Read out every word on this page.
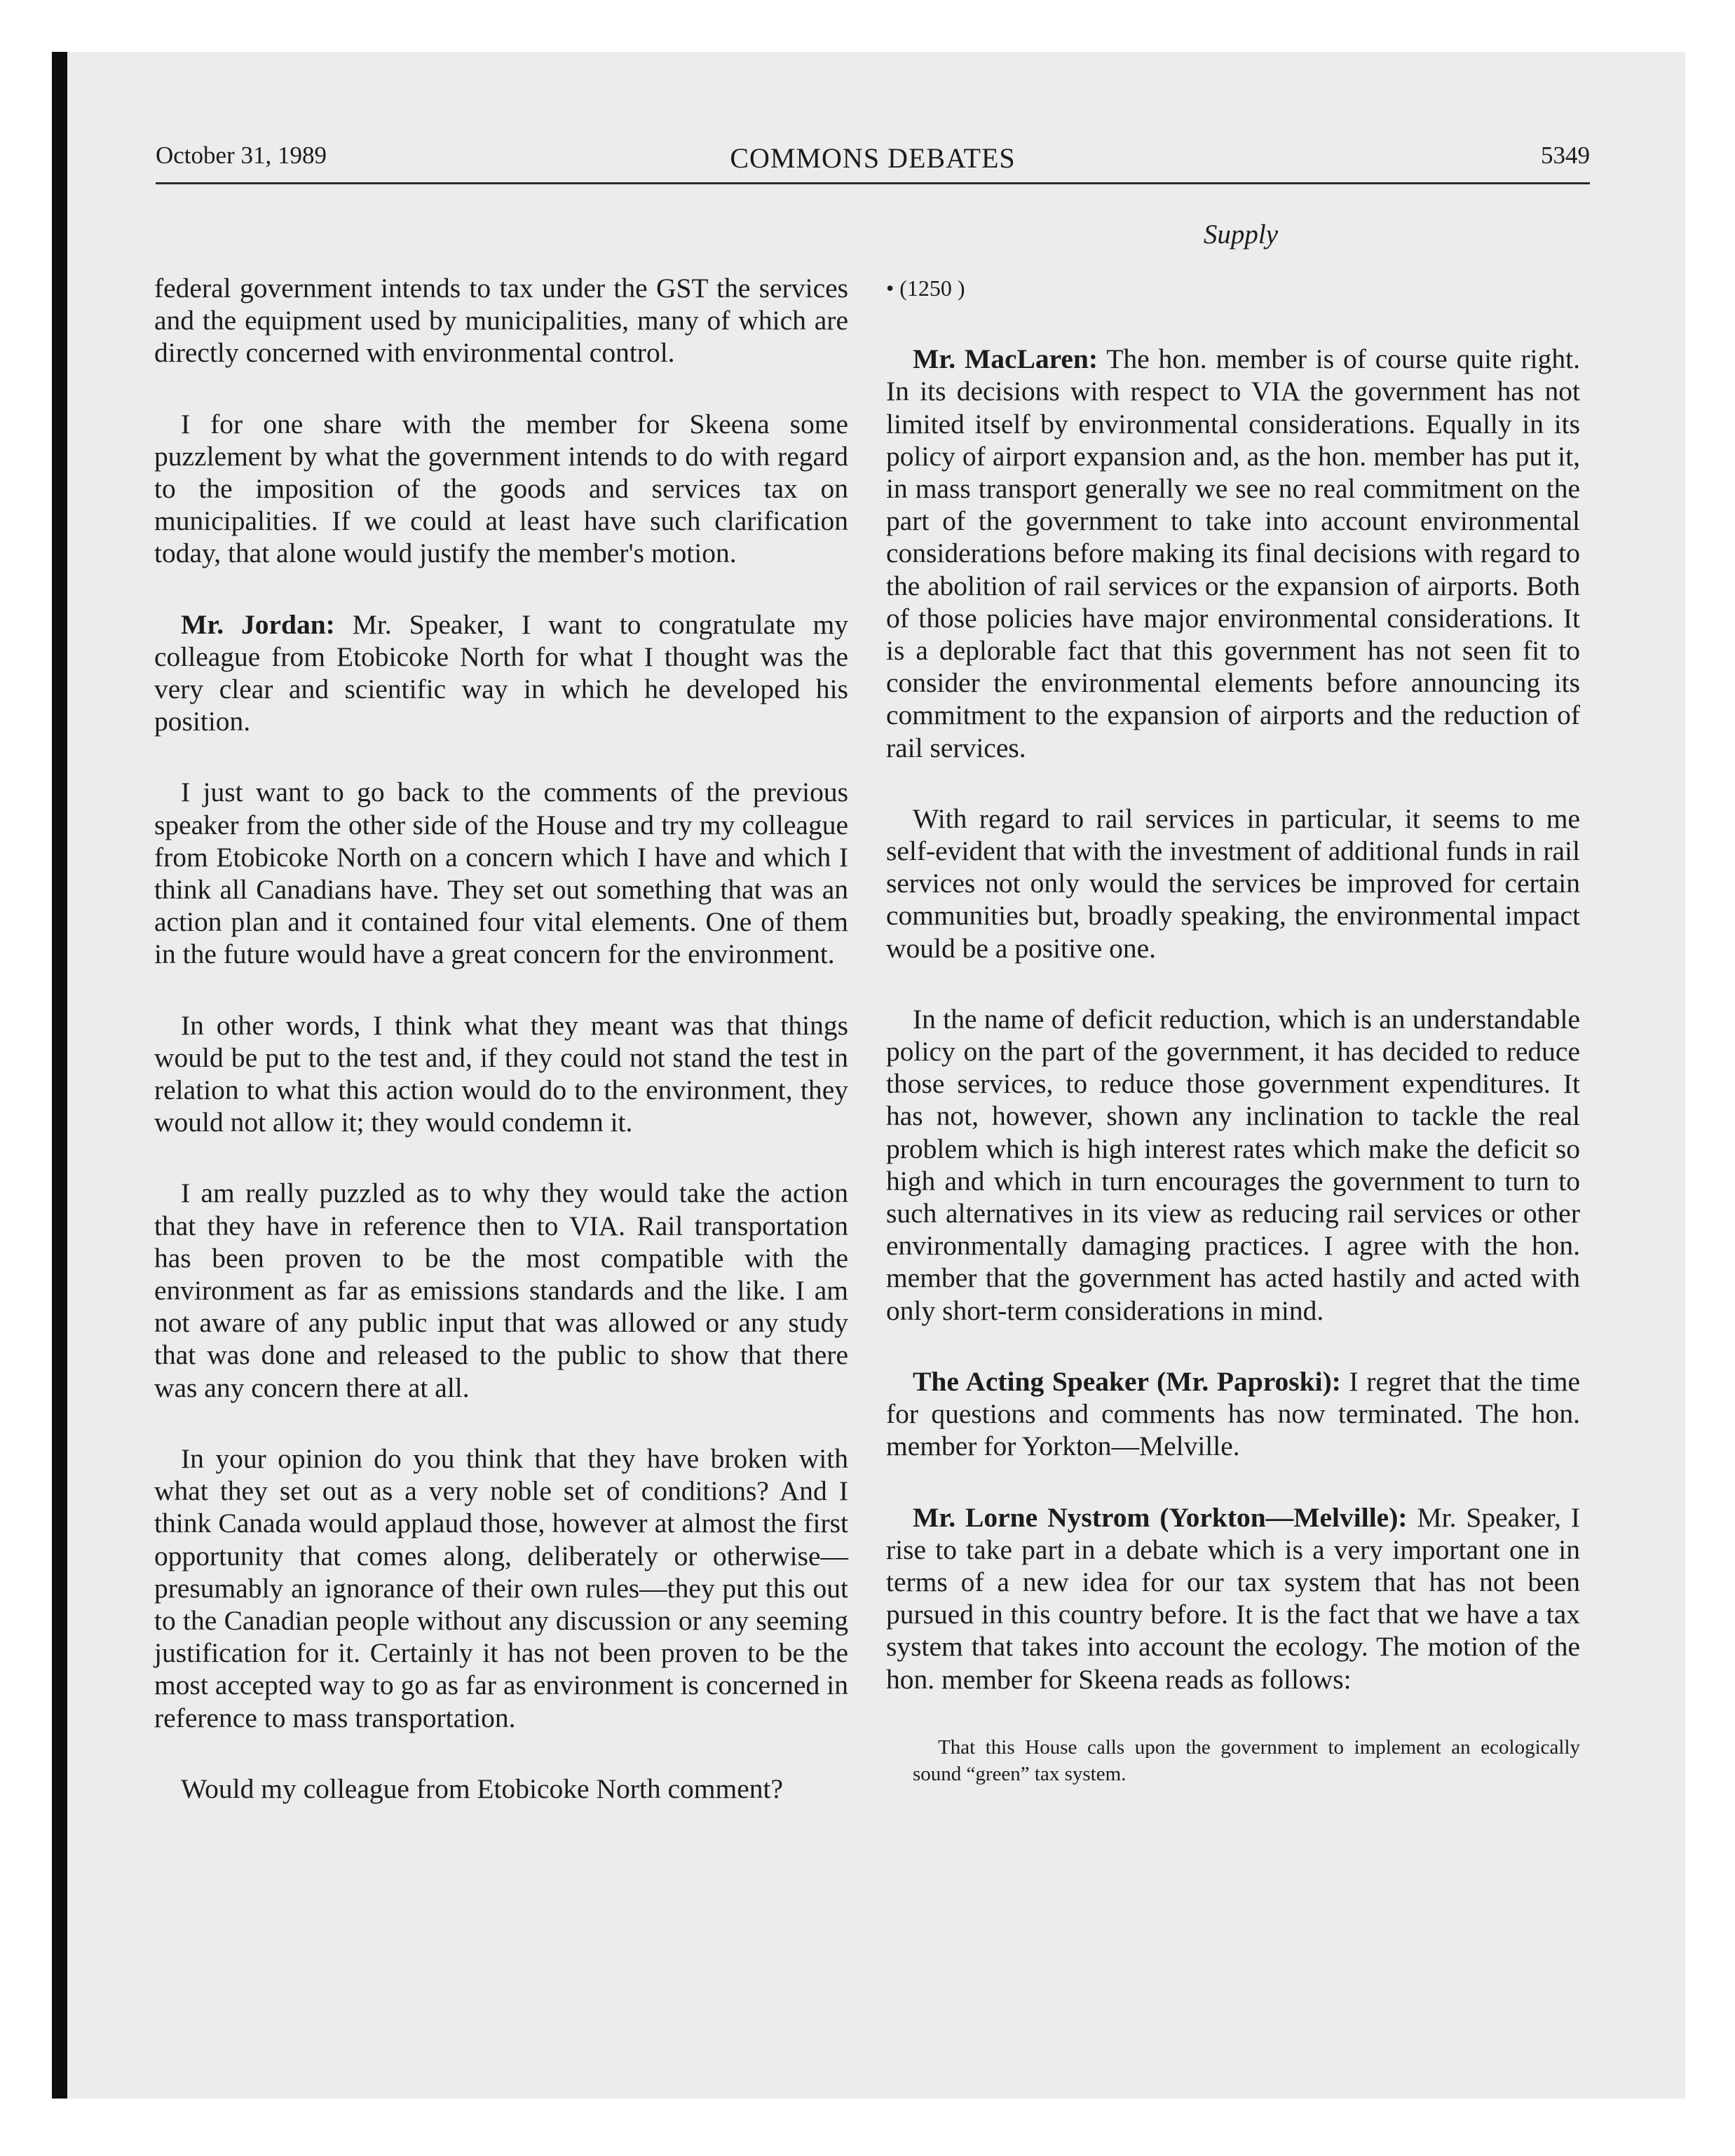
October 31, 1989	COMMONS DEBATES	5349
Supply

federal government intends to tax under the GST the services and the equipment used by municipalities, many of which are directly concerned with environmental control.

I for one share with the member for Skeena some puzzlement by what the government intends to do with regard to the imposition of the goods and services tax on municipalities. If we could at least have such clarification today, that alone would justify the member's motion.

Mr. Jordan: Mr. Speaker, I want to congratulate my colleague from Etobicoke North for what I thought was the very clear and scientific way in which he developed his position.

I just want to go back to the comments of the previous speaker from the other side of the House and try my colleague from Etobicoke North on a concern which I have and which I think all Canadians have. They set out something that was an action plan and it contained four vital elements. One of them in the future would have a great concern for the environment.

In other words, I think what they meant was that things would be put to the test and, if they could not stand the test in relation to what this action would do to the environment, they would not allow it; they would condemn it.

I am really puzzled as to why they would take the action that they have in reference then to VIA. Rail transportation has been proven to be the most compatible with the environment as far as emissions standards and the like. I am not aware of any public input that was allowed or any study that was done and released to the public to show that there was any concern there at all.

In your opinion do you think that they have broken with what they set out as a very noble set of conditions? And I think Canada would applaud those, however at almost the first opportunity that comes along, deliberately or otherwise—presumably an ignorance of their own rules—they put this out to the Canadian people without any discussion or any seeming justification for it. Certainly it has not been proven to be the most accepted way to go as far as environment is concerned in reference to mass transportation.

Would my colleague from Etobicoke North comment?

• (1250 )

Mr. MacLaren: The hon. member is of course quite right. In its decisions with respect to VIA the government has not limited itself by environmental considerations. Equally in its policy of airport expansion and, as the hon. member has put it, in mass transport generally we see no real commitment on the part of the government to take into account environmental considerations before making its final decisions with regard to the abolition of rail services or the expansion of airports. Both of those policies have major environmental considerations. It is a deplorable fact that this government has not seen fit to consider the environmental elements before announcing its commitment to the expansion of airports and the reduction of rail services.

With regard to rail services in particular, it seems to me self-evident that with the investment of additional funds in rail services not only would the services be improved for certain communities but, broadly speaking, the environmental impact would be a positive one.

In the name of deficit reduction, which is an understandable policy on the part of the government, it has decided to reduce those services, to reduce those government expenditures. It has not, however, shown any inclination to tackle the real problem which is high interest rates which make the deficit so high and which in turn encourages the government to turn to such alternatives in its view as reducing rail services or other environmentally damaging practices. I agree with the hon. member that the government has acted hastily and acted with only short-term considerations in mind.

The Acting Speaker (Mr. Paproski): I regret that the time for questions and comments has now terminated. The hon. member for Yorkton—Melville.

Mr. Lorne Nystrom (Yorkton—Melville): Mr. Speaker, I rise to take part in a debate which is a very important one in terms of a new idea for our tax system that has not been pursued in this country before. It is the fact that we have a tax system that takes into account the ecology. The motion of the hon. member for Skeena reads as follows:

That this House calls upon the government to implement an ecologically sound “green” tax system.
